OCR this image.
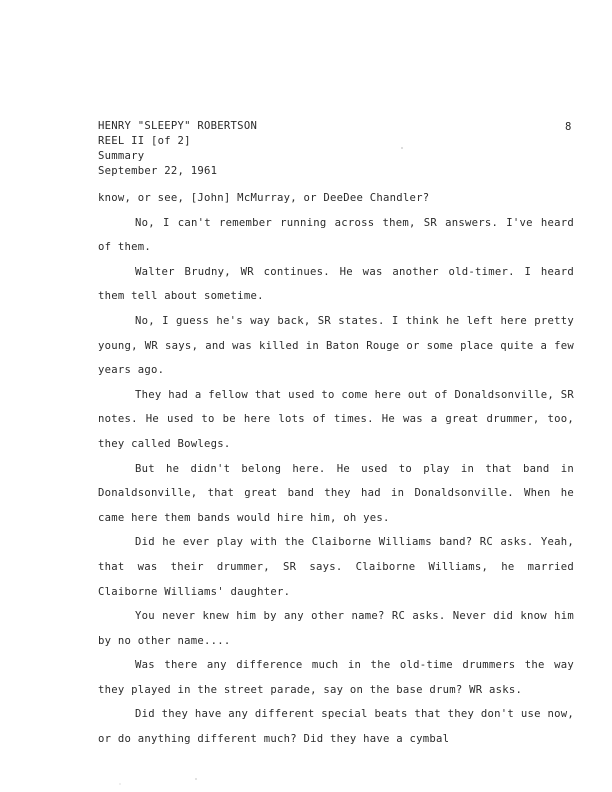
HENRY "SLEEPY" ROBERTSON
REEL II [of 2]
Summary
September 22, 1961
8

know, or see, [John] McMurray, or DeeDee Chandler?

No, I can't remember running across them, SR answers. I've heard of them.

Walter Brudny, WR continues. He was another old-timer. I heard them tell about sometime.

No, I guess he's way back, SR states. I think he left here pretty young, WR says, and was killed in Baton Rouge or some place quite a few years ago.

They had a fellow that used to come here out of Donaldsonville, SR notes. He used to be here lots of times. He was a great drummer, too, they called Bowlegs.

But he didn't belong here. He used to play in that band in Donaldsonville, that great band they had in Donaldsonville. When he came here them bands would hire him, oh yes.

Did he ever play with the Claiborne Williams band? RC asks. Yeah, that was their drummer, SR says. Claiborne Williams, he married Claiborne Williams' daughter.

You never knew him by any other name? RC asks. Never did know him by no other name....

Was there any difference much in the old-time drummers the way they played in the street parade, say on the base drum? WR asks.

Did they have any different special beats that they don't use now, or do anything different much? Did they have a cymbal
